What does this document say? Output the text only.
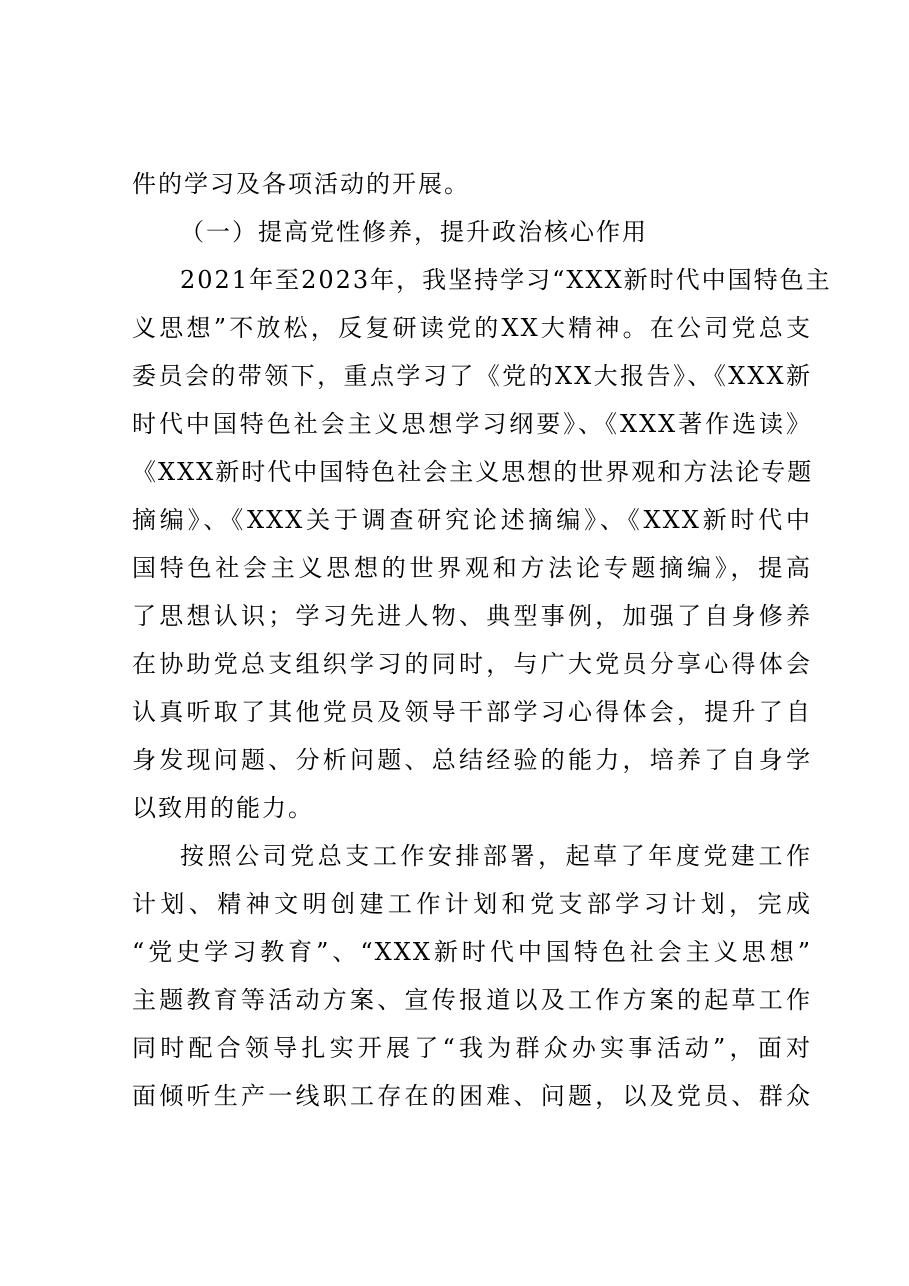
件的学习及各项活动的开展。
（一）提高党性修养，提升政治核心作用
2021年至2023年，我坚持学习“XXX新时代中国特色主
义思想”不放松，反复研读党的XX大精神。在公司党总支
委员会的带领下，重点学习了《党的XX大报告》、《XXX新
时代中国特色社会主义思想学习纲要》、《XXX著作选读》
《XXX新时代中国特色社会主义思想的世界观和方法论专题
摘编》、《XXX关于调查研究论述摘编》、《XXX新时代中
国特色社会主义思想的世界观和方法论专题摘编》，提高
了思想认识；学习先进人物、典型事例，加强了自身修养
在协助党总支组织学习的同时，与广大党员分享心得体会
认真听取了其他党员及领导干部学习心得体会，提升了自
身发现问题、分析问题、总结经验的能力，培养了自身学
以致用的能力。
按照公司党总支工作安排部署，起草了年度党建工作
计划、精神文明创建工作计划和党支部学习计划，完成
“党史学习教育”、“XXX新时代中国特色社会主义思想”
主题教育等活动方案、宣传报道以及工作方案的起草工作
同时配合领导扎实开展了“我为群众办实事活动”，面对
面倾听生产一线职工存在的困难、问题，以及党员、群众
